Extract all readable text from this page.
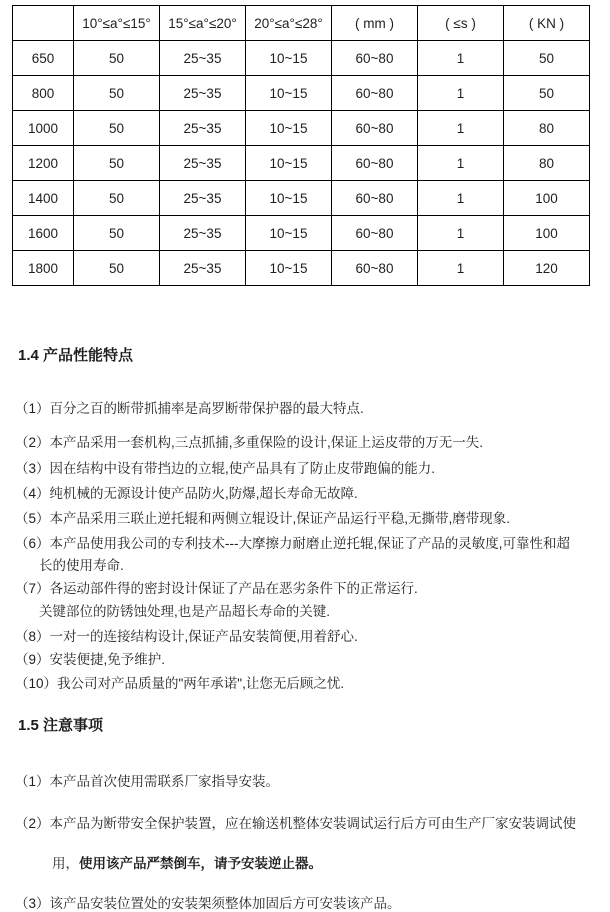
	10°≤a°≤15°	15°≤a°≤20°	20°≤a°≤28°	( mm )	( ≤s )	( KN )
650	50	25~35	10~15	60~80	1	50
800	50	25~35	10~15	60~80	1	50
1000	50	25~35	10~15	60~80	1	80
1200	50	25~35	10~15	60~80	1	80
1400	50	25~35	10~15	60~80	1	100
1600	50	25~35	10~15	60~80	1	100
1800	50	25~35	10~15	60~80	1	120
1.4 产品性能特点

（1）百分之百的断带抓捕率是高罗断带保护器的最大特点.

（2）本产品采用一套机构,三点抓捕,多重保险的设计,保证上运皮带的万无一失.

（3）因在结构中设有带挡边的立辊,使产品具有了防止皮带跑偏的能力.

（4）纯机械的无源设计使产品防火,防爆,超长寿命无故障.

（5）本产品采用三联止逆托辊和两侧立辊设计,保证产品运行平稳,无撕带,磨带现象.

（6）本产品使用我公司的专利技术---大摩擦力耐磨止逆托辊,保证了产品的灵敏度,可靠性和超

长的使用寿命.

（7）各运动部件得的密封设计保证了产品在恶劣条件下的正常运行.

关键部位的防锈蚀处理,也是产品超长寿命的关键.

（8）一对一的连接结构设计,保证产品安装简便,用着舒心.

（9）安装便捷,免予维护.

（10）我公司对产品质量的"两年承诺",让您无后顾之忧.

1.5 注意事项

（1）本产品首次使用需联系厂家指导安装。

（2）本产品为断带安全保护装置，应在输送机整体安装调试运行后方可由生产厂家安装调试使

用，使用该产品严禁倒车，请予安装逆止器。

（3）该产品安装位置处的安装架须整体加固后方可安装该产品。
